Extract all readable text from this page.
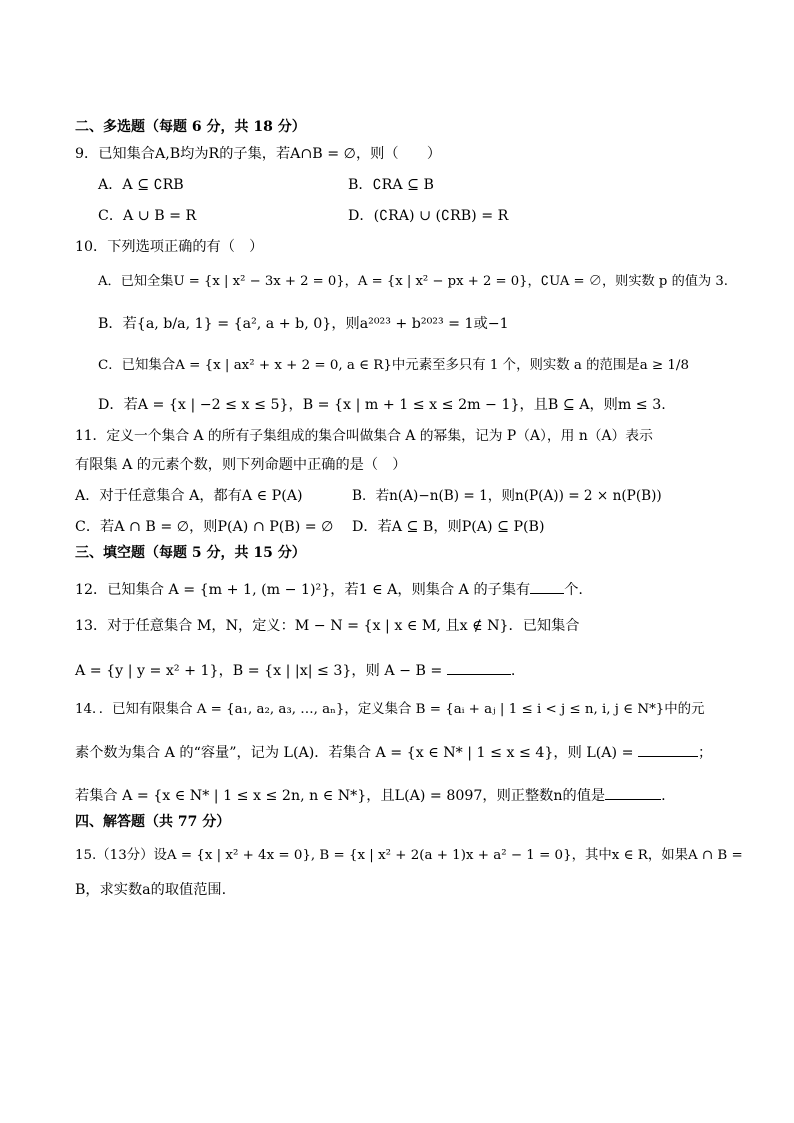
二、多选题（每题 6 分，共 18 分）
9．已知集合A,B均为R的子集，若A∩B = ∅，则（　　）
A．A ⊆ ∁RB	B．∁RA ⊆ B
C．A ∪ B = R	D．(∁RA) ∪ (∁RB) = R
10．下列选项正确的有（　）
A．已知全集U = {x | x² − 3x + 2 = 0}，A = {x | x² − px + 2 = 0}，∁UA = ∅，则实数 p 的值为 3.
B．若{a, b/a, 1} = {a², a + b, 0}，则a²⁰²³ + b²⁰²³ = 1或−1
C．已知集合A = {x | ax² + x + 2 = 0, a ∈ R}中元素至多只有 1 个，则实数 a 的范围是a ≥ 1/8
D．若A = {x | −2 ≤ x ≤ 5}，B = {x | m + 1 ≤ x ≤ 2m − 1}，且B ⊆ A，则m ≤ 3.
11．定义一个集合 A 的所有子集组成的集合叫做集合 A 的幂集，记为 P（A），用 n（A）表示
有限集 A 的元素个数，则下列命题中正确的是（　）
A．对于任意集合 A，都有A ∈ P(A)	B．若n(A)−n(B) = 1，则n(P(A)) = 2 × n(P(B))
C．若A ∩ B = ∅，则P(A) ∩ P(B) = ∅ D．若A ⊆ B，则P(A) ⊆ P(B)
三、填空题（每题 5 分，共 15 分）
12．已知集合 A = {m + 1, (m − 1)²}，若1 ∈ A，则集合 A 的子集有 个.
13．对于任意集合 M，N，定义：M − N = {x | x ∈ M, 且x ∉ N}．已知集合
A = {y | y = x² + 1}，B = {x | |x| ≤ 3}，则 A − B =	.
14．．已知有限集合 A = {a₁, a₂, a₃, …, aₙ}，定义集合 B = {aᵢ + aⱼ | 1 ≤ i < j ≤ n, i, j ∈ N*}中的元
素个数为集合 A 的“容量”，记为 L(A)．若集合 A = {x ∈ N* | 1 ≤ x ≤ 4}，则 L(A) =	；
若集合 A = {x ∈ N* | 1 ≤ x ≤ 2n, n ∈ N*}，且L(A) = 8097，则正整数n的值是	.
四、解答题（共 77 分）
15.（13分）设A = {x | x² + 4x = 0}, B = {x | x² + 2(a + 1)x + a² − 1 = 0}，其中x ∈ R，如果A ∩ B =
B，求实数a的取值范围.
